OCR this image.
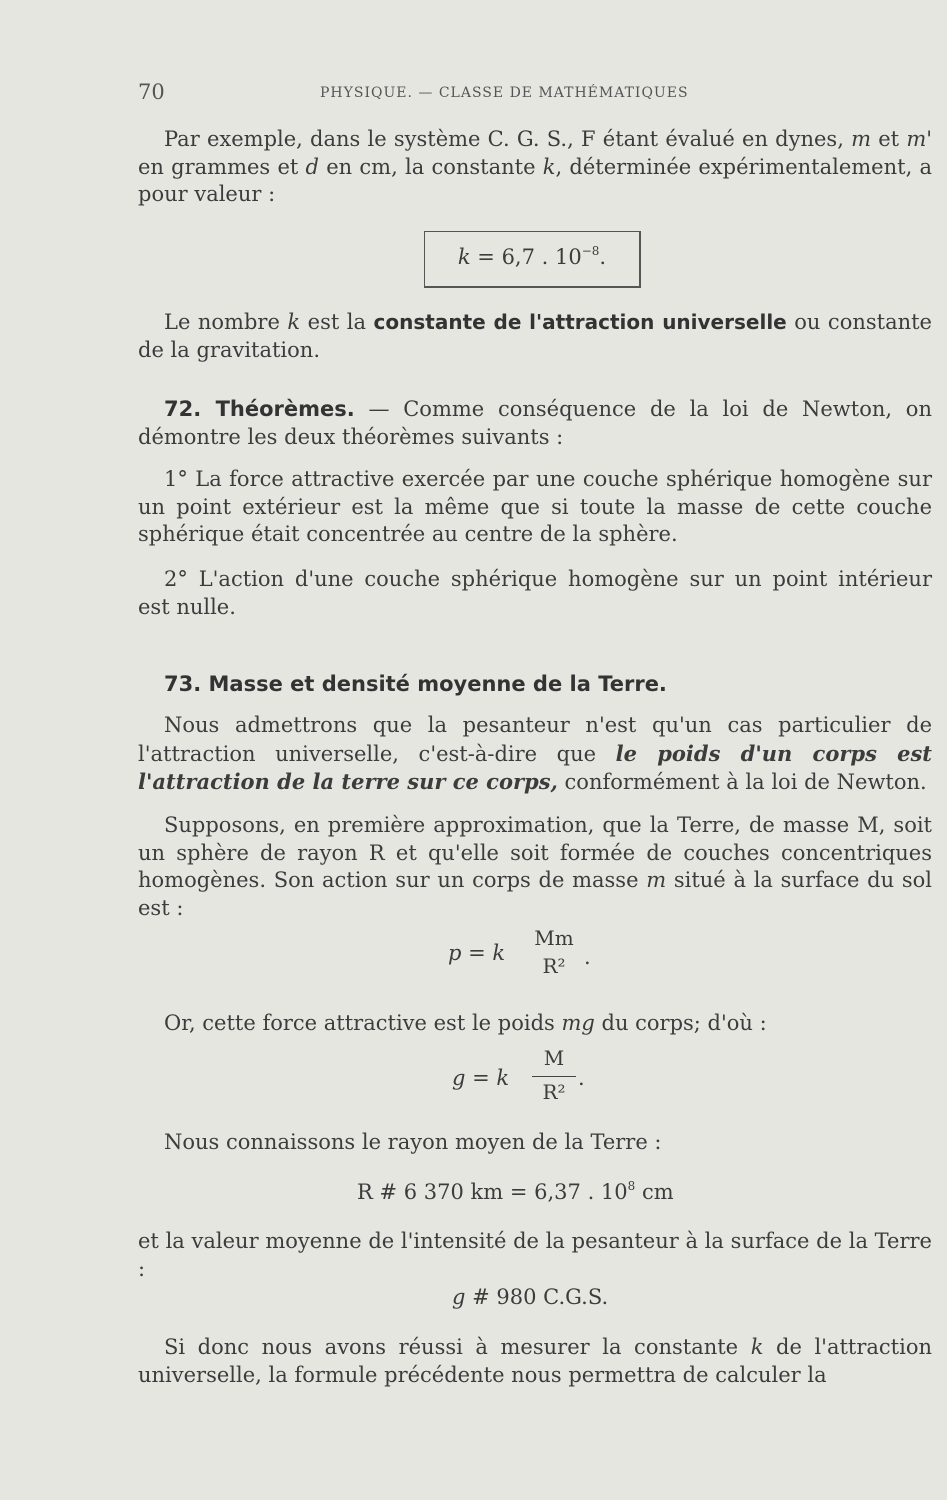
70	PHYSIQUE. — CLASSE DE MATHÉMATIQUES

Par exemple, dans le système C. G. S., F étant évalué en dynes, m et m' en grammes et d en cm, la constante k, déterminée expérimentalement, a pour valeur :

k = 6,7 . $10^{-8}$.

Le nombre k est la constante de l'attraction universelle ou constante de la gravitation.

72. Théorèmes. — Comme conséquence de la loi de Newton, on démontre les deux théorèmes suivants :

1° La force attractive exercée par une couche sphérique homogène sur un point extérieur est la même que si toute la masse de cette couche sphérique était concentrée au centre de la sphère.

2° L'action d'une couche sphérique homogène sur un point intérieur est nulle.

73. Masse et densité moyenne de la Terre.

Nous admettrons que la pesanteur n'est qu'un cas particulier de l'attraction universelle, c'est-à-dire que le poids d'un corps est l'attraction de la terre sur ce corps, conformément à la loi de Newton.

Supposons, en première approximation, que la Terre, de masse M, soit un sphère de rayon R et qu'elle soit formée de couches concentriques homogènes. Son action sur un corps de masse m situé à la surface du sol est :

p = k
Mm
R² .

Or, cette force attractive est le poids mg du corps; d'où :

g = k
M
R²
.

Nous connaissons le rayon moyen de la Terre :

R # 6 370 km = 6,37 . $10^8$ cm

et la valeur moyenne de l'intensité de la pesanteur à la surface de la Terre :

g # 980 C.G.S.

Si donc nous avons réussi à mesurer la constante k de l'attraction universelle, la formule précédente nous permettra de calculer la
